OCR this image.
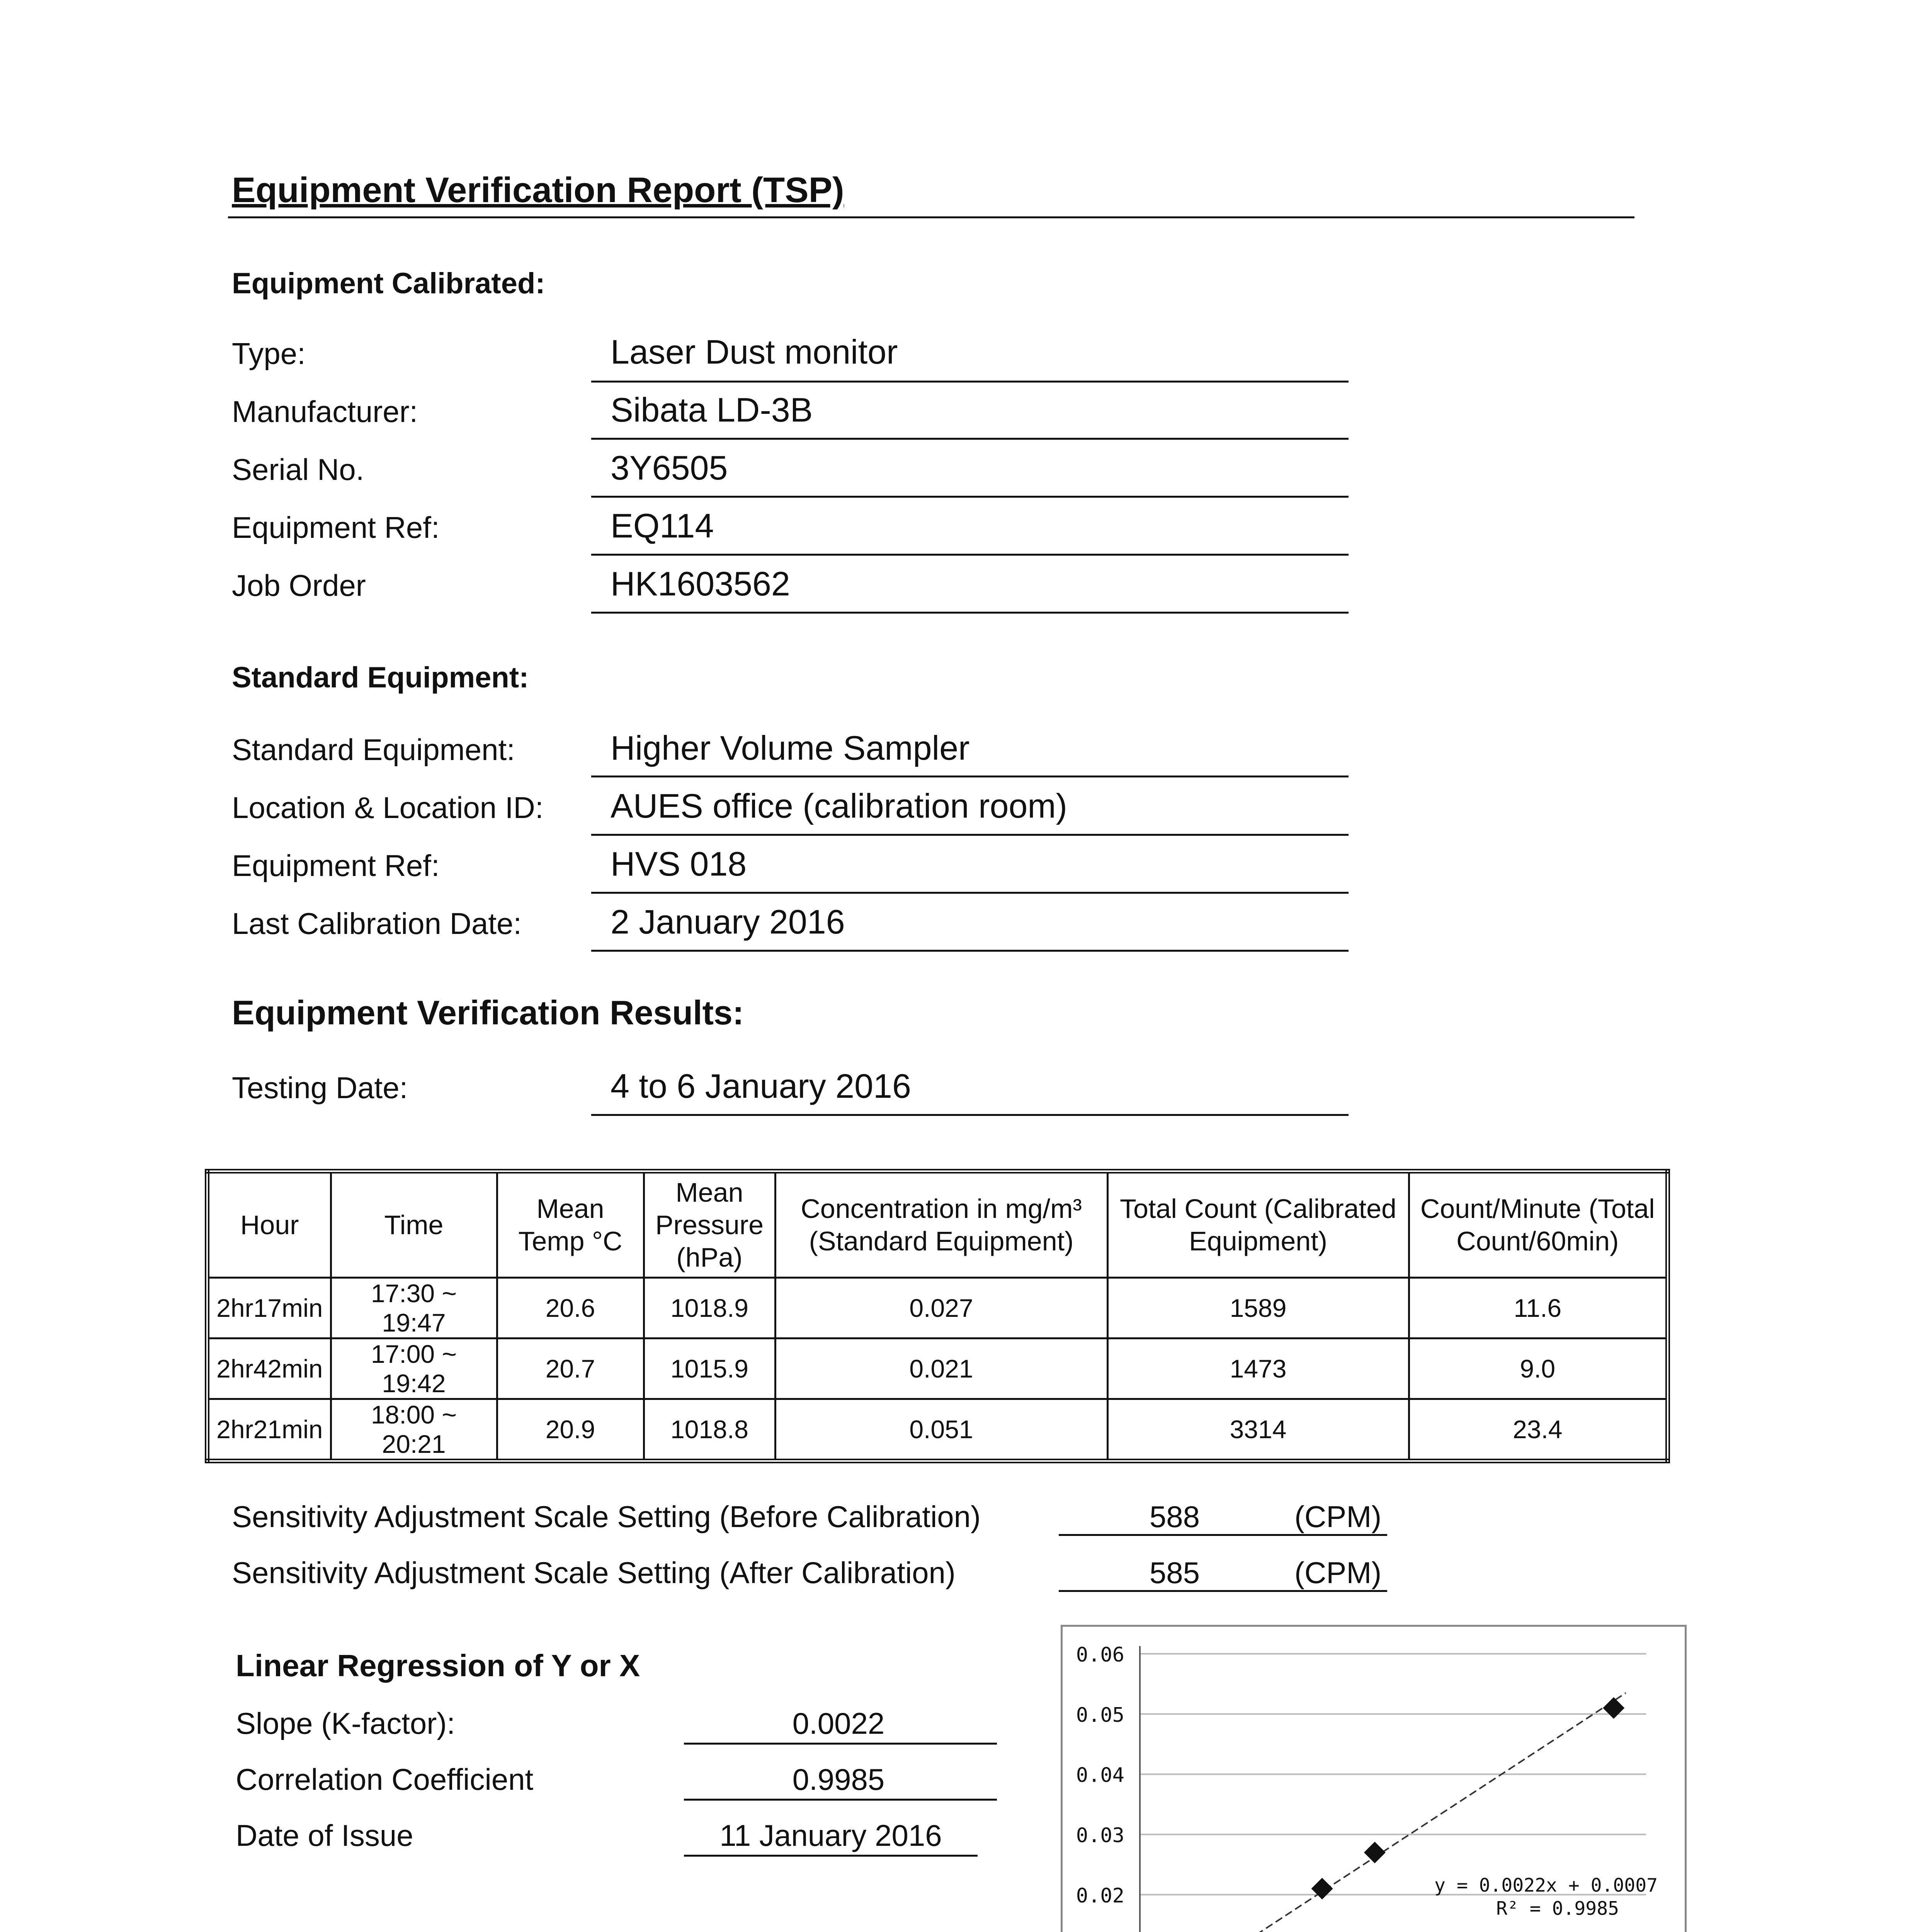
Equipment Verification Report (TSP)
Equipment Calibrated:
Type:	Laser Dust monitor
Manufacturer:	Sibata LD-3B
Serial No.	3Y6505
Equipment Ref:	EQ114
Job Order	HK1603562
Standard Equipment:
Standard Equipment:	Higher Volume Sampler
Location & Location ID: AUES office (calibration room)
Equipment Ref:	HVS 018
Last Calibration Date:	2 January 2016
Equipment Verification Results:
Testing Date:	4 to 6 January 2016
Hour	Time	Mean Temp °C	Mean Pressure (hPa)	Concentration in mg/m³ (Standard Equipment)	Total Count (Calibrated Equipment)	Count/Minute (Total Count/60min)
2hr17min	17:30 ~ 19:47	20.6	1018.9	0.027	1589	11.6
2hr42min	17:00 ~ 19:42	20.7	1015.9	0.021	1473	9.0
2hr21min	18:00 ~ 20:21	20.9	1018.8	0.051	3314	23.4
Sensitivity Adjustment Scale Setting (Before Calibration)	588	(CPM)
Sensitivity Adjustment Scale Setting (After Calibration)	585	(CPM)
Linear Regression of Y or X
Slope (K-factor):	0.0022
Correlation Coefficient	0.9985
Date of Issue	11 January 2016
0.02
0.03
0.04
0.05
0.06
y = 0.0022x + 0.0007
R² = 0.9985
